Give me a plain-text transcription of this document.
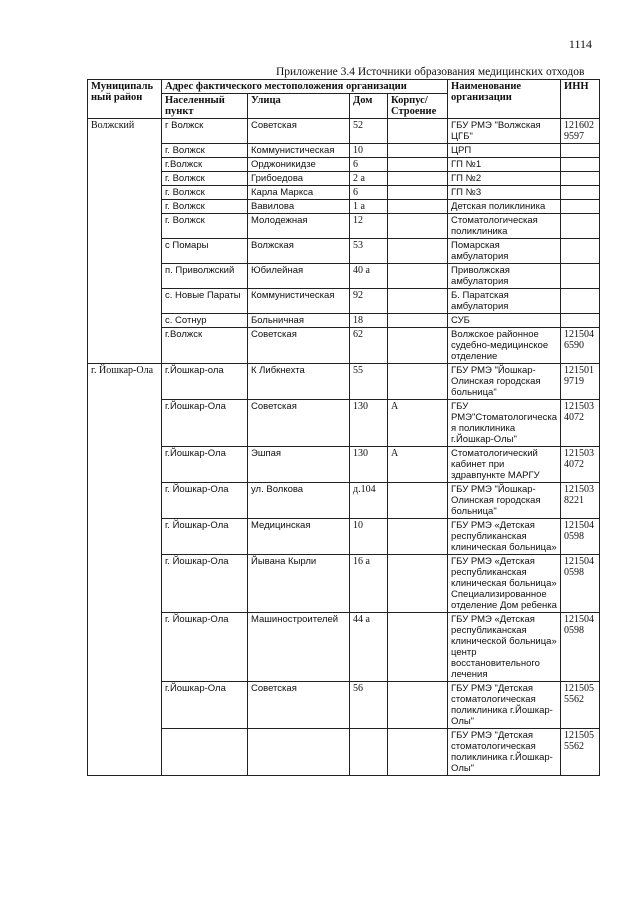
1114
Приложение 3.4 Источники образования медицинских отходов
Муниципальный район	Адрес фактического местоположения организации				Наименование организации	ИНН
	Населенный пункт	Улица	Дом	Корпус/ Строение		
Волжский	г Волжск	Советская	52		ГБУ РМЭ "Волжская ЦГБ"	121602 9597
	г. Волжск	Коммунистическая	10		ЦРП	
	г.Волжск	Орджоникидзе	6		ГП №1	
	г. Волжск	Грибоедова	2 а		ГП №2	
	г. Волжск	Карла Маркса	6		ГП №3	
	г. Волжск	Вавилова	1 а		Детская поликлиника	
	г. Волжск	Молодежная	12		Стоматологическая поликлиника	
	с Помары	Волжская	53		Помарская амбулатория	
	п. Приволжский	Юбилейная	40 а		Приволжская амбулатория	
	с. Новые Параты	Коммунистическая	92		Б. Паратская амбулатория	
	с. Сотнур	Больничная	18		СУБ	
	г.Волжск	Советская	62		Волжское районное судебно-медицинское отделение	121504 6590
г. Йошкар-Ола	г.Йошкар-ола	К Либкнехта	55		ГБУ РМЭ "Йошкар-Олинская городская больница"	121501 9719
	г.Йошкар-Ола	Советская	130	А	ГБУ РМЭ"Стоматологическая поликлиника г.Йошкар-Олы"	121503 4072
	г.Йошкар-Ола	Эшпая	130	А	Стоматологический кабинет при здравпункте МАРГУ	121503 4072
	г. Йошкар-Ола	ул. Волкова	д.104		ГБУ РМЭ "Йошкар-Олинская городская больница"	121503 8221
	г. Йошкар-Ола	Медицинская	10		ГБУ РМЭ «Детская республиканская клиническая больница»	121504 0598
	г. Йошкар-Ола	Йывана Кырли	16 а		ГБУ РМЭ «Детская республиканская клиническая больница» Специализированное отделение Дом ребенка	121504 0598
	г. Йошкар-Ола	Машиностроителей	44 а		ГБУ РМЭ «Детская республиканская клинической больница» центр восстановительного лечения	121504 0598
	г.Йошкар-Ола	Советская	56		ГБУ РМЭ "Детская стоматологическая поликлиника г.Йошкар-Олы"	121505 5562
					ГБУ РМЭ "Детская стоматологическая поликлиника г.Йошкар-Олы"	121505 5562
